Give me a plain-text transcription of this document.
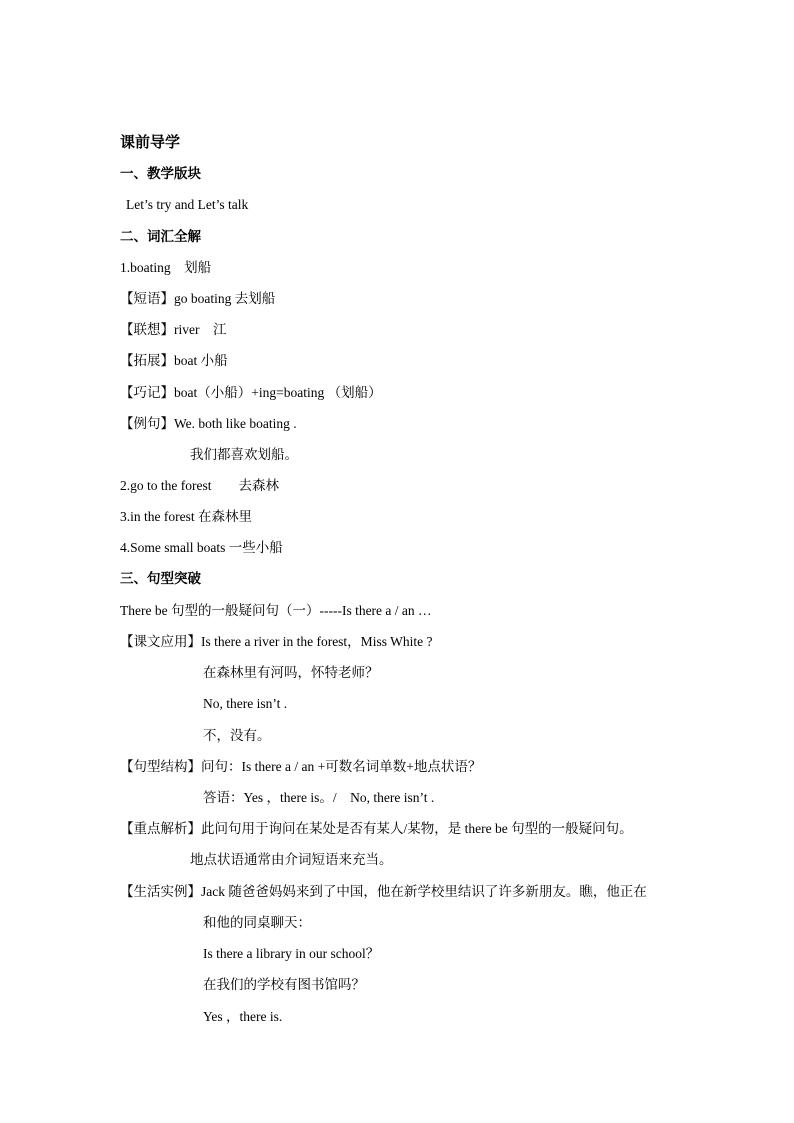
课前导学
一、教学版块
Let’s try and Let’s talk
二、词汇全解
1.boating　划船
【短语】go boating 去划船
【联想】river　江
【拓展】boat 小船
【巧记】boat（小船）+ing=boating （划船）
【例句】We. both like boating .
我们都喜欢划船。
2.go to the forest　　去森林
3.in the forest 在森林里
4.Some small boats 一些小船
三、句型突破
There be 句型的一般疑问句（一）-----Is there a / an …
【课文应用】Is there a river in the forest，Miss White ?
在森林里有河吗，怀特老师？
No, there isn’t .
不，没有。
【句型结构】问句：Is there a / an +可数名词单数+地点状语？
答语：Yes ，there is。/　No, there isn’t .
【重点解析】此问句用于询问在某处是否有某人/某物，是 there be 句型的一般疑问句。
地点状语通常由介词短语来充当。
【生活实例】Jack 随爸爸妈妈来到了中国，他在新学校里结识了许多新朋友。瞧，他正在
和他的同桌聊天：
Is there a library in our school？
在我们的学校有图书馆吗？
Yes ，there is.
